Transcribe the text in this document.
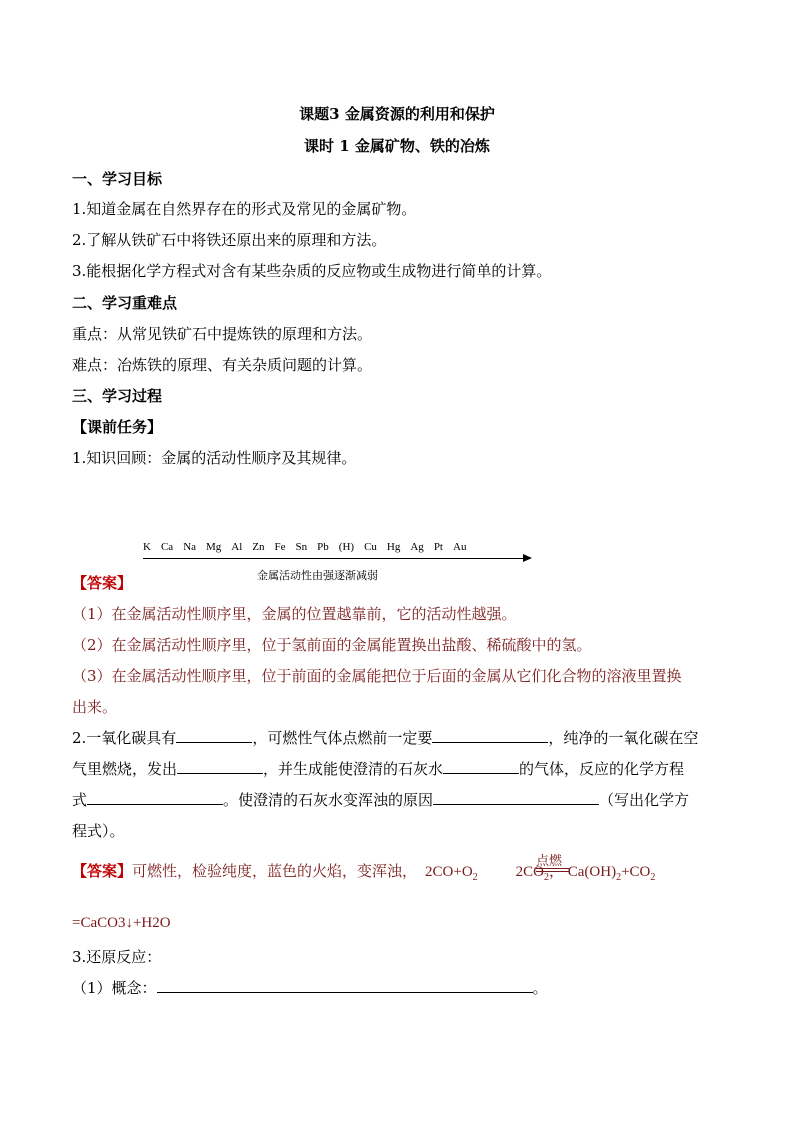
课题3 金属资源的利用和保护
课时 1 金属矿物、铁的冶炼
一、学习目标
1.知道金属在自然界存在的形式及常见的金属矿物。
2.了解从铁矿石中将铁还原出来的原理和方法。
3.能根据化学方程式对含有某些杂质的反应物或生成物进行简单的计算。
二、学习重难点
重点：从常见铁矿石中提炼铁的原理和方法。
难点：冶炼铁的原理、有关杂质问题的计算。
三、学习过程
【课前任务】
1.知识回顾：金属的活动性顺序及其规律。
K Ca Na Mg Al Zn Fe Sn Pb (H) Cu Hg Ag Pt Au
金属活动性由强逐渐减弱
【答案】
（1）在金属活动性顺序里，金属的位置越靠前，它的活动性越强。
（2）在金属活动性顺序里，位于氢前面的金属能置换出盐酸、稀硫酸中的氢。
（3）在金属活动性顺序里，位于前面的金属能把位于后面的金属从它们化合物的溶液里置换
出来。
2.一氧化碳具有	，可燃性气体点燃前一定要	，纯净的一氧化碳在空
气里燃烧，发出	，并生成能使澄清的石灰水	的气体，反应的化学方程
式	。使澄清的石灰水变浑浊的原因	（写出化学方
程式）。
【答案】可燃性，检验纯度，蓝色的火焰，变浑浊， $2CO+O_2$	$2CO_2$， $Ca(OH)_2+CO_2$
点燃
=CaCO3↓+H2O
3.还原反应：
（1）概念：	。
